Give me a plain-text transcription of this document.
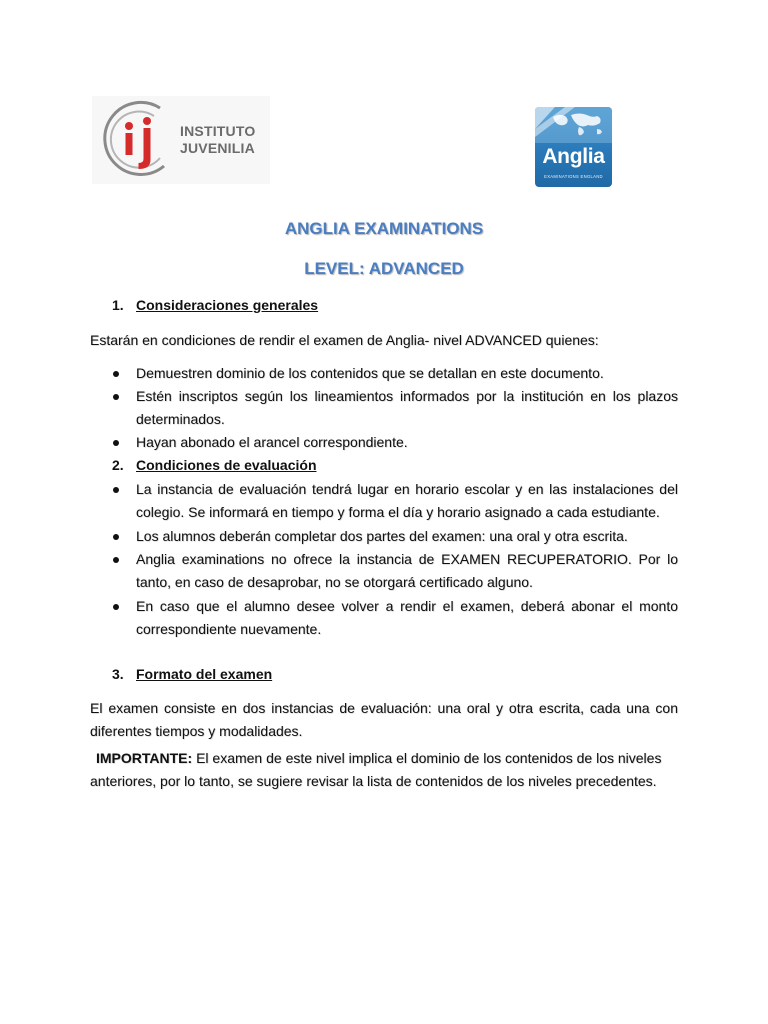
INSTITUTO
JUVENILIA	Anglia
EXAMINATIONS ENGLAND
ANGLIA EXAMINATIONS
LEVEL: ADVANCED
1. Consideraciones generales
Estarán en condiciones de rendir el examen de Anglia- nivel ADVANCED quienes:
Demuestren dominio de los contenidos que se detallan en este documento.
Estén inscriptos según los lineamientos informados por la institución en los plazos determinados.
Hayan abonado el arancel correspondiente.
2. Condiciones de evaluación
La instancia de evaluación tendrá lugar en horario escolar y en las instalaciones del colegio. Se informará en tiempo y forma el día y horario asignado a cada estudiante.
Los alumnos deberán completar dos partes del examen: una oral y otra escrita.
Anglia examinations no ofrece la instancia de EXAMEN RECUPERATORIO. Por lo tanto, en caso de desaprobar, no se otorgará certificado alguno.
En caso que el alumno desee volver a rendir el examen, deberá abonar el monto correspondiente nuevamente.
3. Formato del examen
El examen consiste en dos instancias de evaluación: una oral y otra escrita, cada una con diferentes tiempos y modalidades.
IMPORTANTE: El examen de este nivel implica el dominio de los contenidos de los niveles anteriores, por lo tanto, se sugiere revisar la lista de contenidos de los niveles precedentes.
